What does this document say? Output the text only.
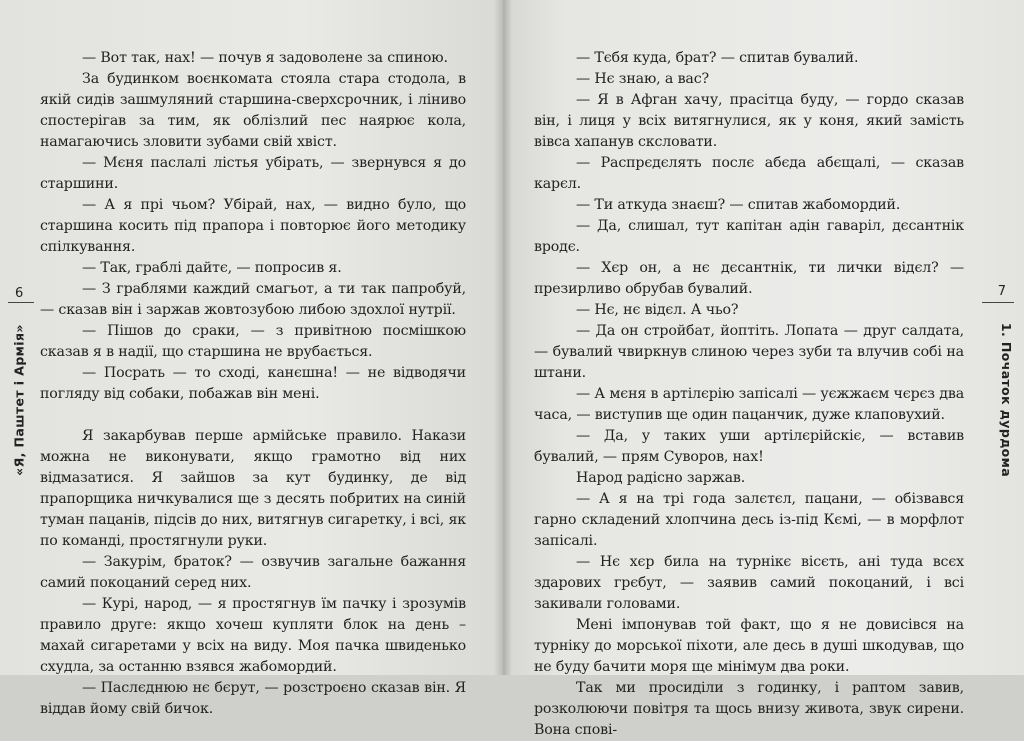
«Я, Паштет і Армія»
6

— Вот так, нах! — почув я задоволене за спиною.

За будинком воєнкомата стояла стара стодола, в якій сидів зашмуляний старшина-сверхсрочник, і ліниво спостерігав за тим, як облізлий пес наярює кола, намагаючись зловити зубами свій хвіст.

— Мєня паслалі лістья убірать, — звернувся я до старшини.

— А я прі чьом? Убірай, нах, — видно було, що старшина косить під прапора і повторює його методику спілкування.

— Так, граблі дайтє, — попросив я.

— З граблями каждий смагьот, а ти так папробуй, — сказав він і заржав жовтозубою либою здохлої нутрії.

— Пішов до сраки, — з привітною посмішкою сказав я в надії, що старшина не врубається.

— Посрать — то сході, канєшна! — не відводячи погляду від собаки, побажав він мені.

Я закарбував перше армійське правило. Накази можна не виконувати, якщо грамотно від них відмазатися. Я зайшов за кут будинку, де від прапорщика ничкувалися ще з десять побритих на синій туман пацанів, підсів до них, витягнув сигаретку, і всі, як по команді, простягнули руки.

— Закурім, браток? — озвучив загальне бажання самий покоцаний серед них.

— Курі, народ, — я простягнув їм пачку і зрозумів правило друге: якщо хочеш купляти блок на день – махай сигаретами у всіх на виду. Моя пачка швиденько схудла, за останню взявся жабомордий.

— Паслєднюю нє бєрут, — розстроєно сказав він. Я віддав йому свій бичок.

1. Початок дурдома
7

— Тєбя куда, брат? — спитав бувалий.

— Нє знаю, а вас?

— Я в Афган хачу, прасітца буду, — гордо сказав він, і лиця у всіх витягнулися, як у коня, який замість вівса хапанув сксловати.

— Распрєдєлять послє абєда абєщалі, — сказав карєл.

— Ти аткуда знаєш? — спитав жабомордий.

— Да, слишал, тут капітан адін гаваріл, дєсантнік вродє.

— Хєр он, а нє дєсантнік, ти лички відєл? — презирливо обрубав бувалий.

— Нє, нє відєл. А чьо?

— Да он стройбат, йоптіть. Лопата — друг салдата, — бувалий чвиркнув слиною через зуби та влучив собі на штани.

— А мєня в артілєрію запісалі — уєжжаєм чєрєз два часа, — виступив ще один пацанчик, дуже клаповухий.

— Да, у таких уши артілєрійскіє, — вставив бувалий, — прям Суворов, нах!

Народ радісно заржав.

— А я на трі года залєтєл, пацани, — обізвався гарно складений хлопчина десь із-під Кємі, — в морфлот запісалі.

— Нє хєр била на турнікє вісєть, ані туда всєх здарових грєбут, — заявив самий покоцаний, і всі закивали головами.

Мені імпонував той факт, що я не довисівся на турніку до морської піхоти, але десь в душі шкодував, що не буду бачити моря ще мінімум два роки.

Так ми просиділи з годинку, і раптом завив, розколюючи повітря та щось внизу живота, звук сирени. Вона спові-
